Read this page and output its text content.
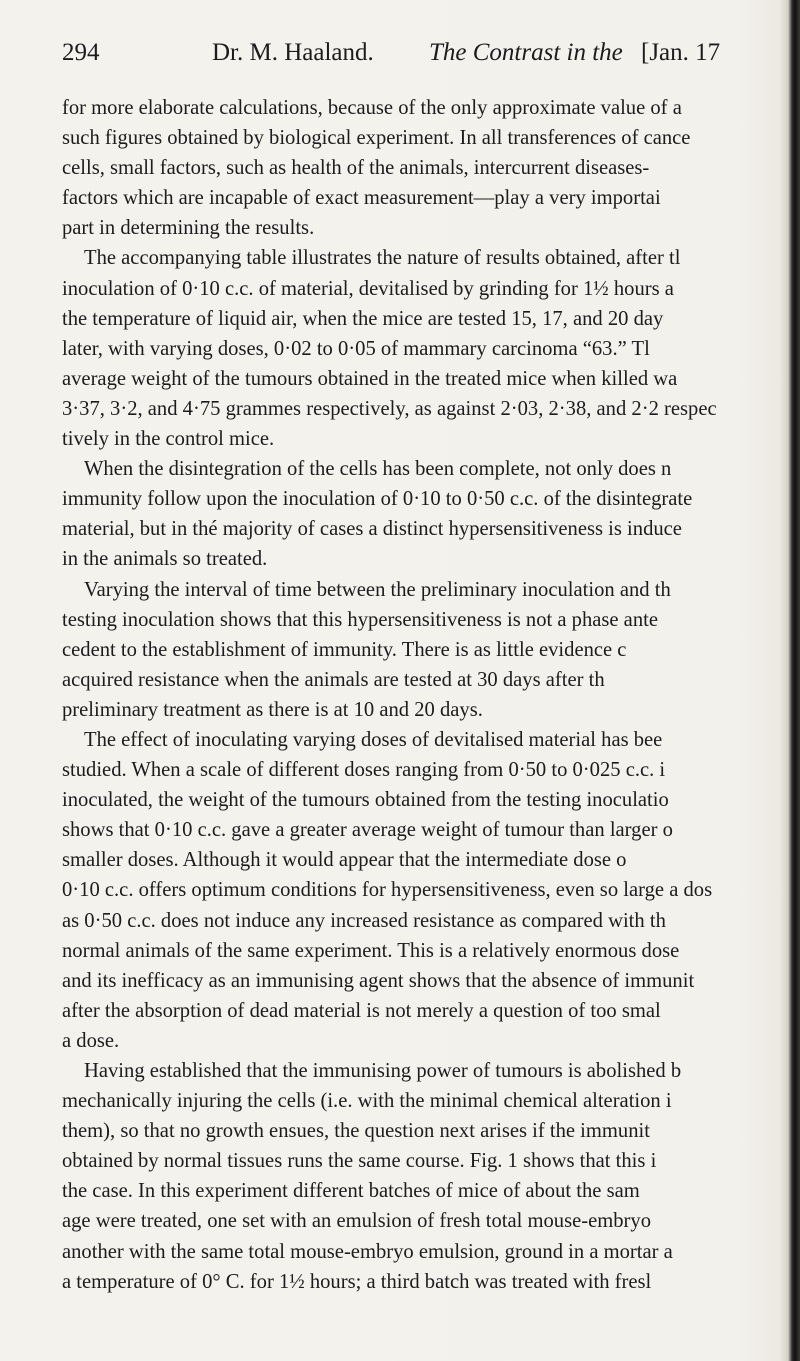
294	Dr. M. Haaland. The Contrast in the [Jan. 17
for more elaborate calculations, because of the only approximate value of a
such figures obtained by biological experiment. In all transferences of cance
cells, small factors, such as health of the animals, intercurrent diseases-
factors which are incapable of exact measurement—play a very importai
part in determining the results.
The accompanying table illustrates the nature of results obtained, after tl
inoculation of 0·10 c.c. of material, devitalised by grinding for 1½ hours a
the temperature of liquid air, when the mice are tested 15, 17, and 20 day
later, with varying doses, 0·02 to 0·05 of mammary carcinoma “63.” Tl
average weight of the tumours obtained in the treated mice when killed wa
3·37, 3·2, and 4·75 grammes respectively, as against 2·03, 2·38, and 2·2 respec
tively in the control mice.
When the disintegration of the cells has been complete, not only does n
immunity follow upon the inoculation of 0·10 to 0·50 c.c. of the disintegrate
material, but in thé majority of cases a distinct hypersensitiveness is induce
in the animals so treated.
Varying the interval of time between the preliminary inoculation and th
testing inoculation shows that this hypersensitiveness is not a phase ante
cedent to the establishment of immunity. There is as little evidence c
acquired resistance when the animals are tested at 30 days after th
preliminary treatment as there is at 10 and 20 days.
The effect of inoculating varying doses of devitalised material has bee
studied. When a scale of different doses ranging from 0·50 to 0·025 c.c. i
inoculated, the weight of the tumours obtained from the testing inoculatio
shows that 0·10 c.c. gave a greater average weight of tumour than larger o
smaller doses. Although it would appear that the intermediate dose o
0·10 c.c. offers optimum conditions for hypersensitiveness, even so large a dos
as 0·50 c.c. does not induce any increased resistance as compared with th
normal animals of the same experiment. This is a relatively enormous dose
and its inefficacy as an immunising agent shows that the absence of immunit
after the absorption of dead material is not merely a question of too smal
a dose.
Having established that the immunising power of tumours is abolished b
mechanically injuring the cells (i.e. with the minimal chemical alteration i
them), so that no growth ensues, the question next arises if the immunit
obtained by normal tissues runs the same course. Fig. 1 shows that this i
the case. In this experiment different batches of mice of about the sam
age were treated, one set with an emulsion of fresh total mouse-embryo
another with the same total mouse-embryo emulsion, ground in a mortar a
a temperature of 0° C. for 1½ hours; a third batch was treated with fresl
